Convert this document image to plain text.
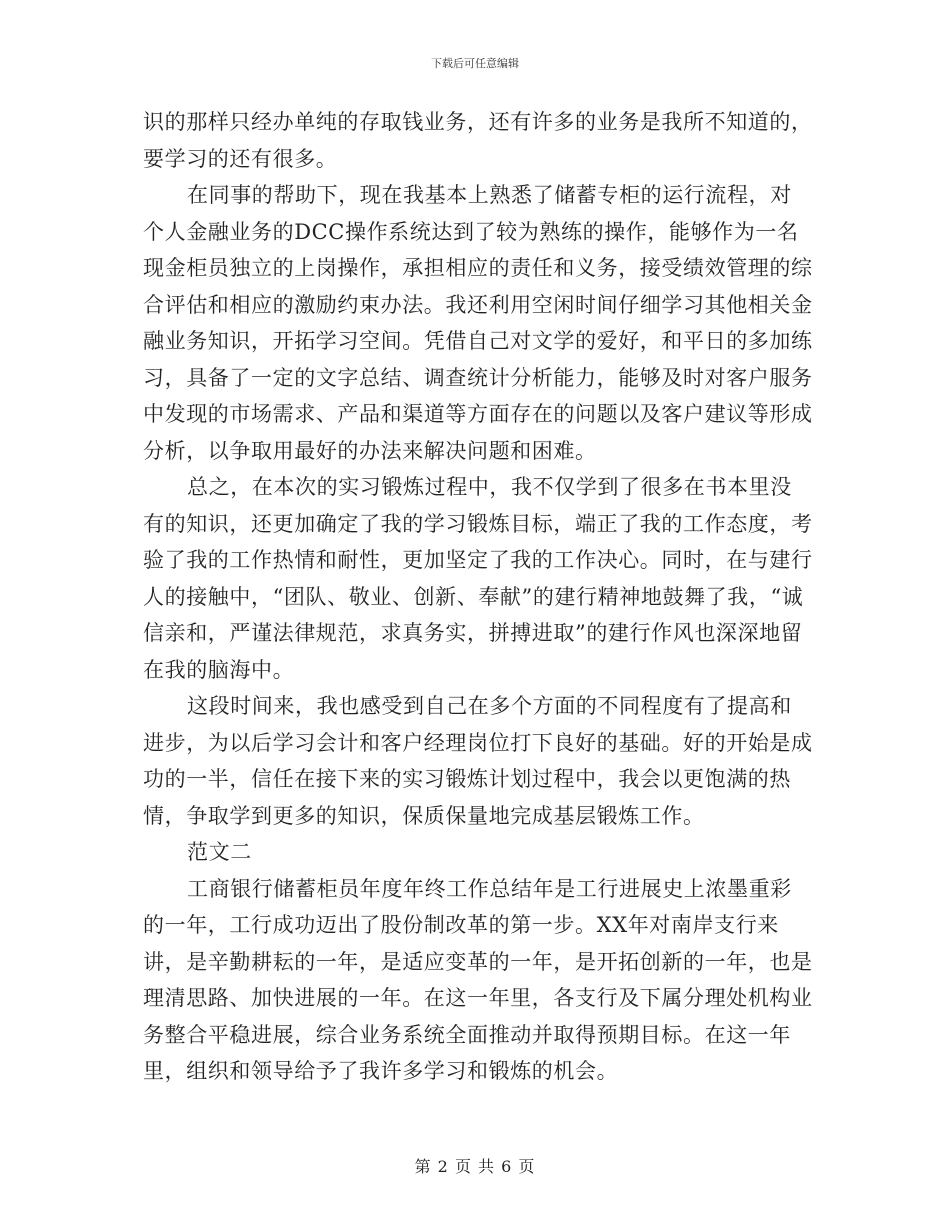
下载后可任意编辑

识的那样只经办单纯的存取钱业务，还有许多的业务是我所不知道的，要学习的还有很多。

在同事的帮助下，现在我基本上熟悉了储蓄专柜的运行流程，对个人金融业务的DCC操作系统达到了较为熟练的操作，能够作为一名现金柜员独立的上岗操作，承担相应的责任和义务，接受绩效管理的综合评估和相应的激励约束办法。我还利用空闲时间仔细学习其他相关金融业务知识，开拓学习空间。凭借自己对文学的爱好，和平日的多加练习，具备了一定的文字总结、调查统计分析能力，能够及时对客户服务中发现的市场需求、产品和渠道等方面存在的问题以及客户建议等形成分析，以争取用最好的办法来解决问题和困难。

总之，在本次的实习锻炼过程中，我不仅学到了很多在书本里没有的知识，还更加确定了我的学习锻炼目标，端正了我的工作态度，考验了我的工作热情和耐性，更加坚定了我的工作决心。同时，在与建行人的接触中，“团队、敬业、创新、奉献”的建行精神地鼓舞了我，“诚信亲和，严谨法律规范，求真务实，拼搏进取”的建行作风也深深地留在我的脑海中。

这段时间来，我也感受到自己在多个方面的不同程度有了提高和进步，为以后学习会计和客户经理岗位打下良好的基础。好的开始是成功的一半，信任在接下来的实习锻炼计划过程中，我会以更饱满的热情，争取学到更多的知识，保质保量地完成基层锻炼工作。

范文二

工商银行储蓄柜员年度年终工作总结年是工行进展史上浓墨重彩的一年，工行成功迈出了股份制改革的第一步。XX年对南岸支行来讲，是辛勤耕耘的一年，是适应变革的一年，是开拓创新的一年，也是理清思路、加快进展的一年。在这一年里，各支行及下属分理处机构业务整合平稳进展，综合业务系统全面推动并取得预期目标。在这一年里，组织和领导给予了我许多学习和锻炼的机会。

第 2 页 共 6 页
